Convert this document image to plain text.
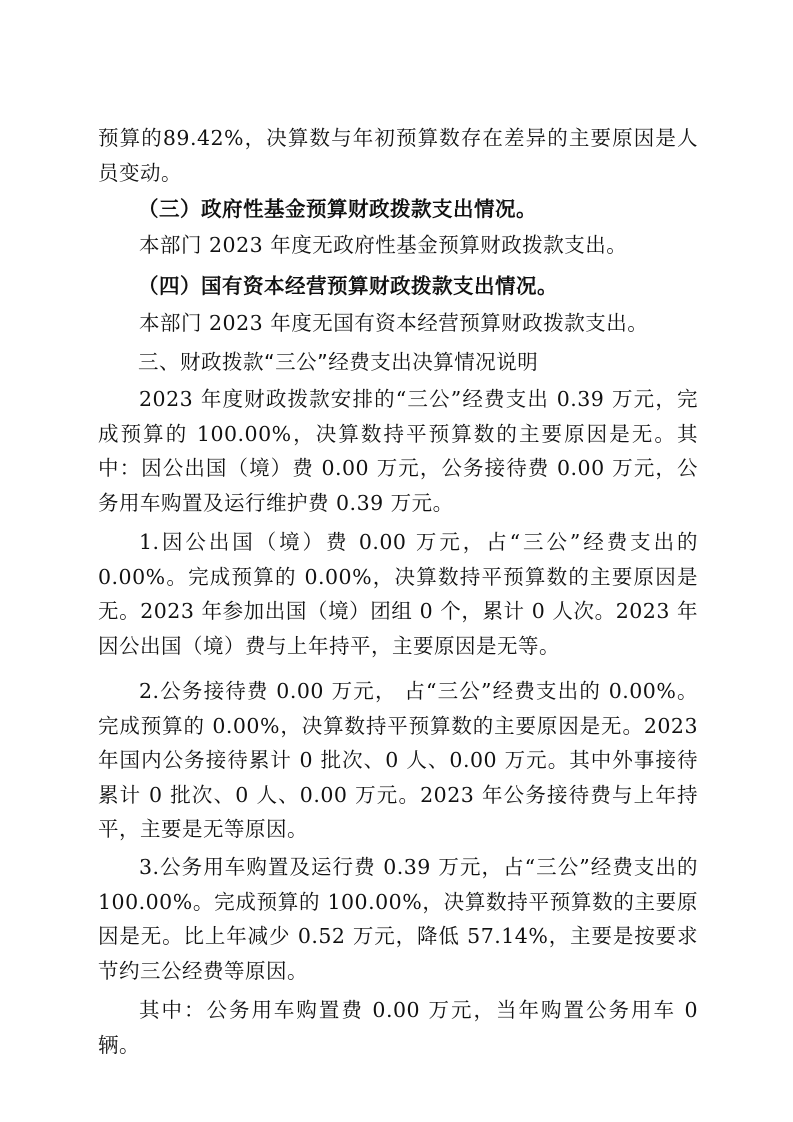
预算的89.42%，决算数与年初预算数存在差异的主要原因是人员变动。

（三）政府性基金预算财政拨款支出情况。

本部门 2023 年度无政府性基金预算财政拨款支出。

（四）国有资本经营预算财政拨款支出情况。

本部门 2023 年度无国有资本经营预算财政拨款支出。

三、财政拨款“三公”经费支出决算情况说明

2023 年度财政拨款安排的“三公”经费支出 0.39 万元，完成预算的 100.00%，决算数持平预算数的主要原因是无。其中：因公出国（境）费 0.00 万元，公务接待费 0.00 万元，公务用车购置及运行维护费 0.39 万元。

1.因公出国（境）费 0.00 万元，占“三公”经费支出的 0.00%。完成预算的 0.00%，决算数持平预算数的主要原因是无。2023 年参加出国（境）团组 0 个，累计 0 人次。2023 年因公出国（境）费与上年持平，主要原因是无等。

2.公务接待费 0.00 万元， 占“三公”经费支出的 0.00%。完成预算的 0.00%，决算数持平预算数的主要原因是无。2023 年国内公务接待累计 0 批次、0 人、0.00 万元。其中外事接待累计 0 批次、0 人、0.00 万元。2023 年公务接待费与上年持平，主要是无等原因。

3.公务用车购置及运行费 0.39 万元，占“三公”经费支出的 100.00%。完成预算的 100.00%，决算数持平预算数的主要原因是无。比上年减少 0.52 万元，降低 57.14%，主要是按要求节约三公经费等原因。

其中：公务用车购置费 0.00 万元，当年购置公务用车 0 辆。
